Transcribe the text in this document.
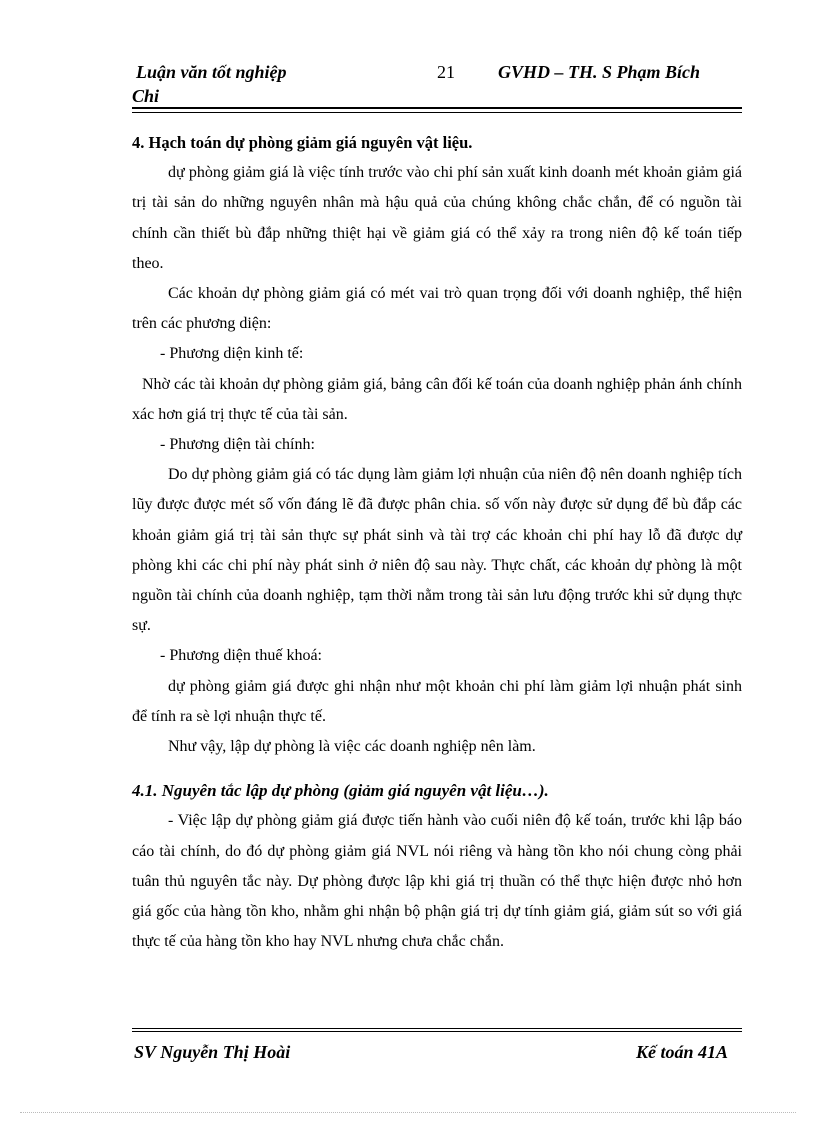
Luận văn tốt nghiệp
Chi
21 GVHD – TH. S Phạm Bích

4. Hạch toán dự phòng giảm giá nguyên vật liệu.

dự phòng giảm giá là việc tính trước vào chi phí sản xuất kinh doanh mét khoản giảm giá trị tài sản do những nguyên nhân mà hậu quả của chúng không chắc chắn, để có nguồn tài chính cần thiết bù đắp những thiệt hại về giảm giá có thể xảy ra trong niên độ kế toán tiếp theo.

Các khoản dự phòng giảm giá có mét vai trò quan trọng đối với doanh nghiệp, thể hiện trên các phương diện:

- Phương diện kinh tế:

Nhờ các tài khoản dự phòng giảm giá, bảng cân đối kế toán của doanh nghiệp phản ánh chính xác hơn giá trị thực tế của tài sản.

- Phương diện tài chính:

Do dự phòng giảm giá có tác dụng làm giảm lợi nhuận của niên độ nên doanh nghiệp tích lũy được được mét số vốn đáng lẽ đã được phân chia. số vốn này được sử dụng để bù đắp các khoản giảm giá trị tài sản thực sự phát sinh và tài trợ các khoản chi phí hay lỗ đã được dự phòng khi các chi phí này phát sinh ở niên độ sau này. Thực chất, các khoản dự phòng là một nguồn tài chính của doanh nghiệp, tạm thời nằm trong tài sản lưu động trước khi sử dụng thực sự.

- Phương diện thuế khoá:

dự phòng giảm giá được ghi nhận như một khoản chi phí làm giảm lợi nhuận phát sinh để tính ra sè lợi nhuận thực tế.

Như vậy, lập dự phòng là việc các doanh nghiệp nên làm.

4.1. Nguyên tắc lập dự phòng (giảm giá nguyên vật liệu…).

- Việc lập dự phòng giảm giá được tiến hành vào cuối niên độ kế toán, trước khi lập báo cáo tài chính, do đó dự phòng giảm giá NVL nói riêng và hàng tồn kho nói chung còng phải tuân thủ nguyên tắc này. Dự phòng được lập khi giá trị thuần có thể thực hiện được nhỏ hơn giá gốc của hàng tồn kho, nhằm ghi nhận bộ phận giá trị dự tính giảm giá, giảm sút so với giá thực tế của hàng tồn kho hay NVL nhưng chưa chắc chắn.

SV Nguyễn Thị Hoài	Kế toán 41A
